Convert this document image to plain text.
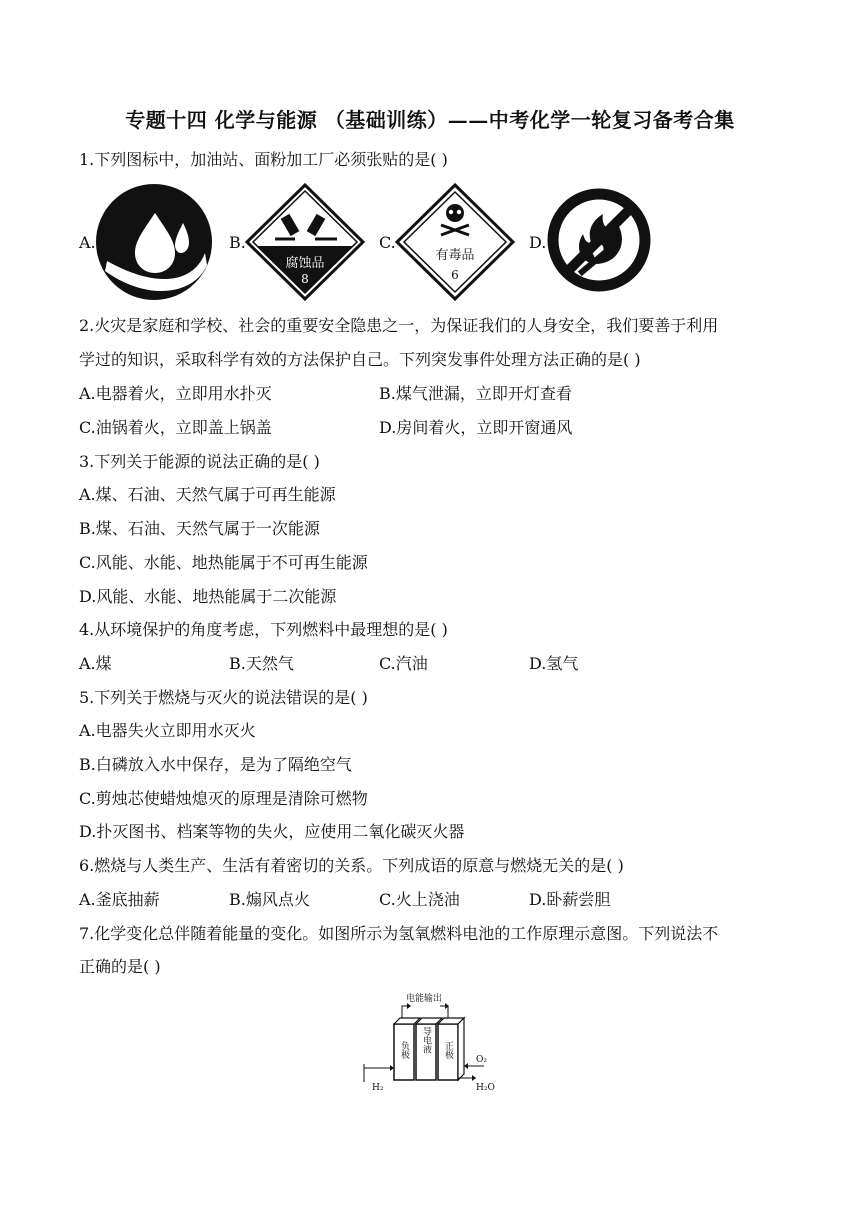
专题十四 化学与能源 （基础训练）——中考化学一轮复习备考合集
1.下列图标中，加油站、面粉加工厂必须张贴的是( )
A.	B.
腐蚀品
8
C.
有毒品
6
D.
2.火灾是家庭和学校、社会的重要安全隐患之一，为保证我们的人身安全，我们要善于利用
学过的知识，采取科学有效的方法保护自己。下列突发事件处理方法正确的是( )
A.电器着火，立即用水扑灭	B.煤气泄漏，立即开灯查看
C.油锅着火，立即盖上锅盖	D.房间着火，立即开窗通风
3.下列关于能源的说法正确的是( )
A.煤、石油、天然气属于可再生能源
B.煤、石油、天然气属于一次能源
C.风能、水能、地热能属于不可再生能源
D.风能、水能、地热能属于二次能源
4.从环境保护的角度考虑，下列燃料中最理想的是( )
A.煤	B.天然气	C.汽油	D.氢气
5.下列关于燃烧与灭火的说法错误的是( )
A.电器失火立即用水灭火
B.白磷放入水中保存，是为了隔绝空气
C.剪烛芯使蜡烛熄灭的原理是清除可燃物
D.扑灭图书、档案等物的失火，应使用二氧化碳灭火器
6.燃烧与人类生产、生活有着密切的关系。下列成语的原意与燃烧无关的是( )
A.釜底抽薪	B.煽风点火	C.火上浇油	D.卧薪尝胆
7.化学变化总伴随着能量的变化。如图所示为氢氧燃料电池的工作原理示意图。下列说法不
正确的是( )
电能输出
负极 导电液 正极
H₂
O₂
H₂O
